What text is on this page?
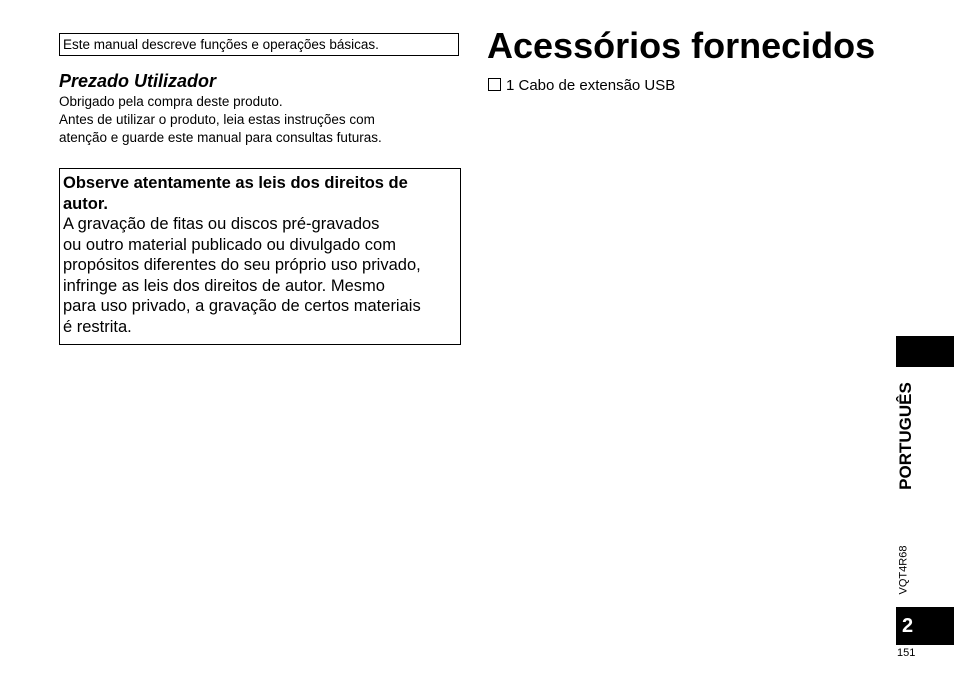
Este manual descreve funções e operações básicas.
Prezado Utilizador
Obrigado pela compra deste produto.
Antes de utilizar o produto, leia estas instruções com
atenção e guarde este manual para consultas futuras.
Observe atentamente as leis dos direitos de
autor.
A gravação de fitas ou discos pré-gravados
ou outro material publicado ou divulgado com
propósitos diferentes do seu próprio uso privado,
infringe as leis dos direitos de autor. Mesmo
para uso privado, a gravação de certos materiais
é restrita.
Acessórios fornecidos
1 Cabo de extensão USB
PORTUGUÊS
VQT4R68
2
151
